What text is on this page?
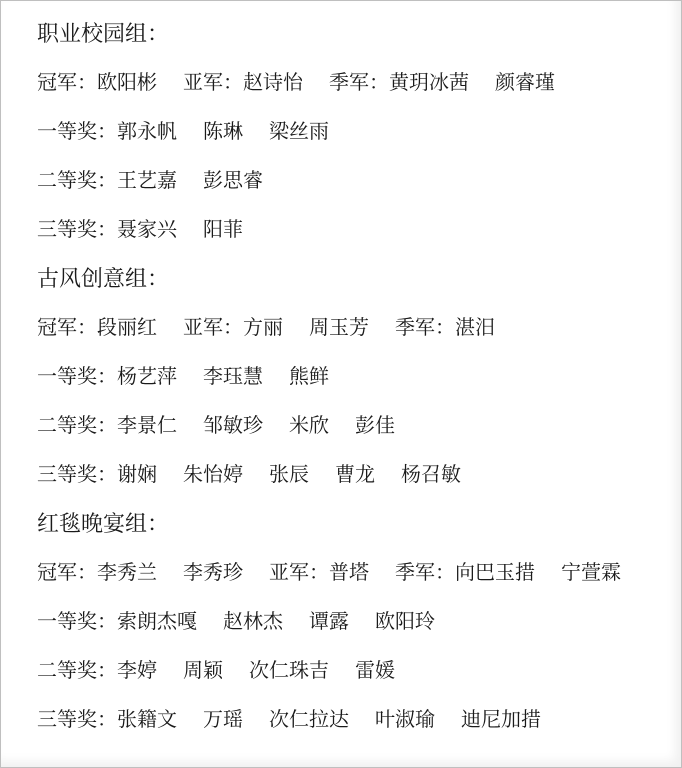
职业校园组：
冠军：欧阳彬 亚军：赵诗怡 季军：黄玥冰茜 颜睿瑾
一等奖：郭永帆 陈琳 梁丝雨
二等奖：王艺嘉 彭思睿
三等奖：聂家兴 阳菲
古风创意组：
冠军：段丽红 亚军：方丽 周玉芳 季军：湛汨
一等奖：杨艺萍 李珏慧 熊鲜
二等奖：李景仁 邹敏珍 米欣 彭佳
三等奖：谢娴 朱怡婷 张辰 曹龙 杨召敏
红毯晚宴组：
冠军：李秀兰 李秀珍 亚军：普塔 季军：向巴玉措 宁萱霖
一等奖：索朗杰嘎 赵林杰 谭露 欧阳玲
二等奖：李婷 周颖 次仁珠吉 雷媛
三等奖：张籍文 万瑶 次仁拉达 叶淑瑜 迪尼加措
